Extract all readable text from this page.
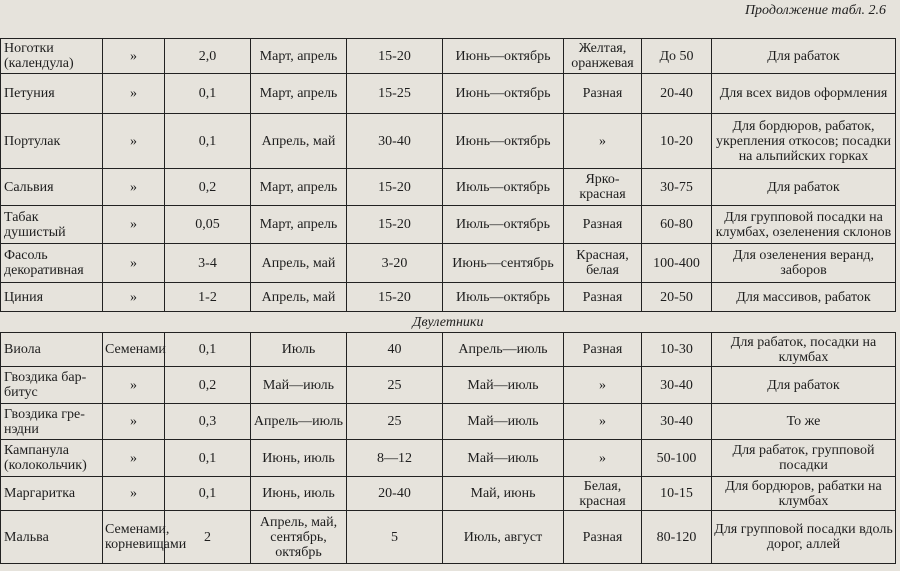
Продолжение табл. 2.6
Ноготки (календула)	»	2,0	Март, апрель	15-20	Июнь—октябрь	Желтая, оранжевая	До 50	Для рабаток
Петуния	»	0,1	Март, апрель	15-25	Июнь—октябрь	Разная	20-40	Для всех видов оформления
Портулак	»	0,1	Апрель, май	30-40	Июнь—октябрь	»	10-20	Для бордюров, рабаток, укрепления откосов; посадки на альпийских горках
Сальвия	»	0,2	Март, апрель	15-20	Июль—октябрь	Ярко-красная	30-75	Для рабаток
Табак душистый	»	0,05	Март, апрель	15-20	Июль—октябрь	Разная	60-80	Для групповой посадки на клумбах, озеленения склонов
Фасоль декоративная	»	3-4	Апрель, май	3-20	Июнь—сентябрь	Красная, белая	100-400	Для озеленения веранд, заборов
Циния	»	1-2	Апрель, май	15-20	Июль—октябрь	Разная	20-50	Для массивов, рабаток
Двулетники								
Виола	Семенами	0,1	Июль	40	Апрель—июль	Разная	10-30	Для рабаток, посадки на клумбах
Гвоздика бар-битус	»	0,2	Май—июль	25	Май—июль	»	30-40	Для рабаток
Гвоздика гре-нэдни	»	0,3	Апрель—июль	25	Май—июль	»	30-40	То же
Кампанула (колокольчик)	»	0,1	Июнь, июль	8—12	Май—июль	»	50-100	Для рабаток, групповой посадки
Маргаритка	»	0,1	Июнь, июль	20-40	Май, июнь	Белая, красная	10-15	Для бордюров, рабатки на клумбах
Мальва	Семенами, корневищами	2	Апрель, май, сентябрь, октябрь	5	Июль, август	Разная	80-120	Для групповой посадки вдоль дорог, аллей
